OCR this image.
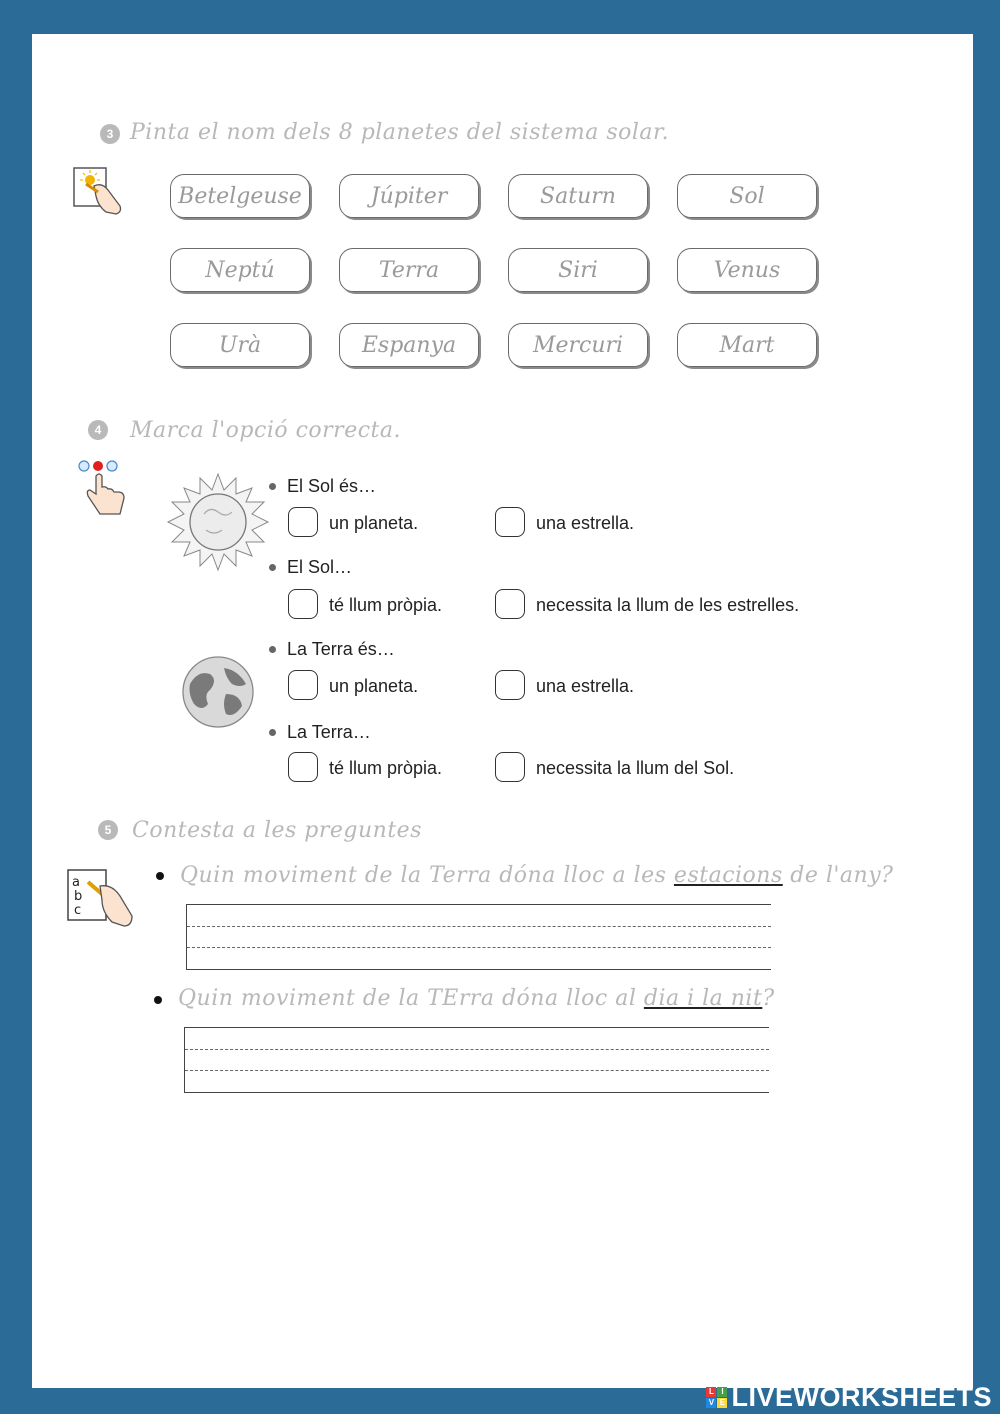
3 Pinta el nom dels 8 planetes del sistema solar.
Betelgeuse	Júpiter	Saturn	Sol
Neptú	Terra	Siri	Venus
Urà	Espanya	Mercuri	Mart
4	Marca l'opció correcta.
El Sol és…
un planeta.	una estrella.
El Sol…
té llum pròpia.	necessita la llum de les estrelles.
La Terra és…
un planeta.	una estrella.
La Terra…
té llum pròpia.	necessita la llum del Sol.
5 Contesta a les preguntes
a
b
c
Quin moviment de la Terra dóna lloc a les estacions de l'any?
Quin moviment de la TErra dóna lloc al dia i la nit?
L I
V E LIVEWORKSHEETS
